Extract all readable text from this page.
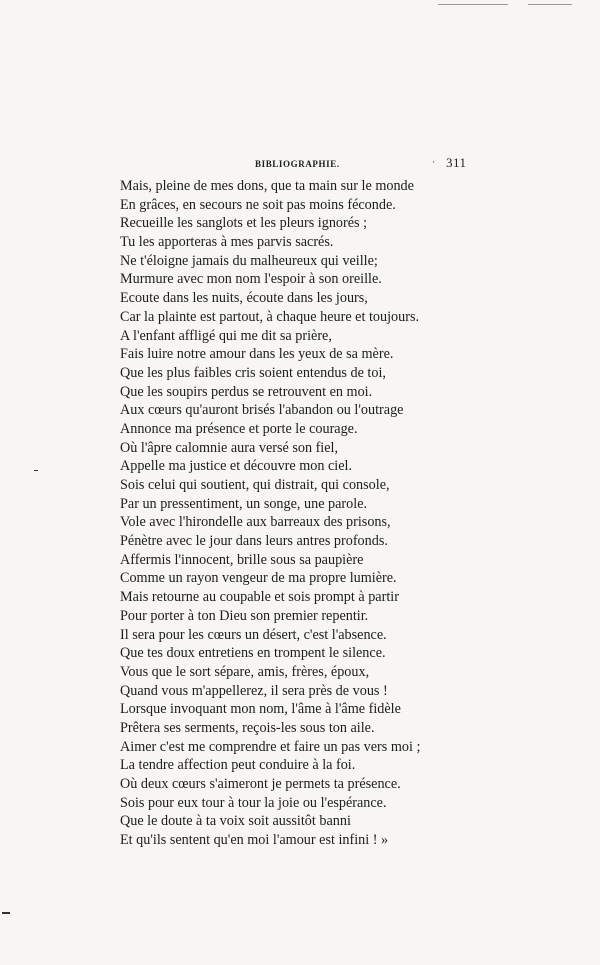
BIBLIOGRAPHIE.	· 311
Mais, pleine de mes dons, que ta main sur le monde
En grâces, en secours ne soit pas moins féconde.
Recueille les sanglots et les pleurs ignorés ;
Tu les apporteras à mes parvis sacrés.
Ne t'éloigne jamais du malheureux qui veille;
Murmure avec mon nom l'espoir à son oreille.
Ecoute dans les nuits, écoute dans les jours,
Car la plainte est partout, à chaque heure et toujours.
A l'enfant affligé qui me dit sa prière,
Fais luire notre amour dans les yeux de sa mère.
Que les plus faibles cris soient entendus de toi,
Que les soupirs perdus se retrouvent en moi.
Aux cœurs qu'auront brisés l'abandon ou l'outrage
Annonce ma présence et porte le courage.
Où l'âpre calomnie aura versé son fiel,
Appelle ma justice et découvre mon ciel.
Sois celui qui soutient, qui distrait, qui console,
Par un pressentiment, un songe, une parole.
Vole avec l'hirondelle aux barreaux des prisons,
Pénètre avec le jour dans leurs antres profonds.
Affermis l'innocent, brille sous sa paupière
Comme un rayon vengeur de ma propre lumière.
Mais retourne au coupable et sois prompt à partir
Pour porter à ton Dieu son premier repentir.
Il sera pour les cœurs un désert, c'est l'absence.
Que tes doux entretiens en trompent le silence.
Vous que le sort sépare, amis, frères, époux,
Quand vous m'appellerez, il sera près de vous !
Lorsque invoquant mon nom, l'âme à l'âme fidèle
Prêtera ses serments, reçois-les sous ton aile.
Aimer c'est me comprendre et faire un pas vers moi ;
La tendre affection peut conduire à la foi.
Où deux cœurs s'aimeront je permets ta présence.
Sois pour eux tour à tour la joie ou l'espérance.
Que le doute à ta voix soit aussitôt banni
Et qu'ils sentent qu'en moi l'amour est infini ! »
